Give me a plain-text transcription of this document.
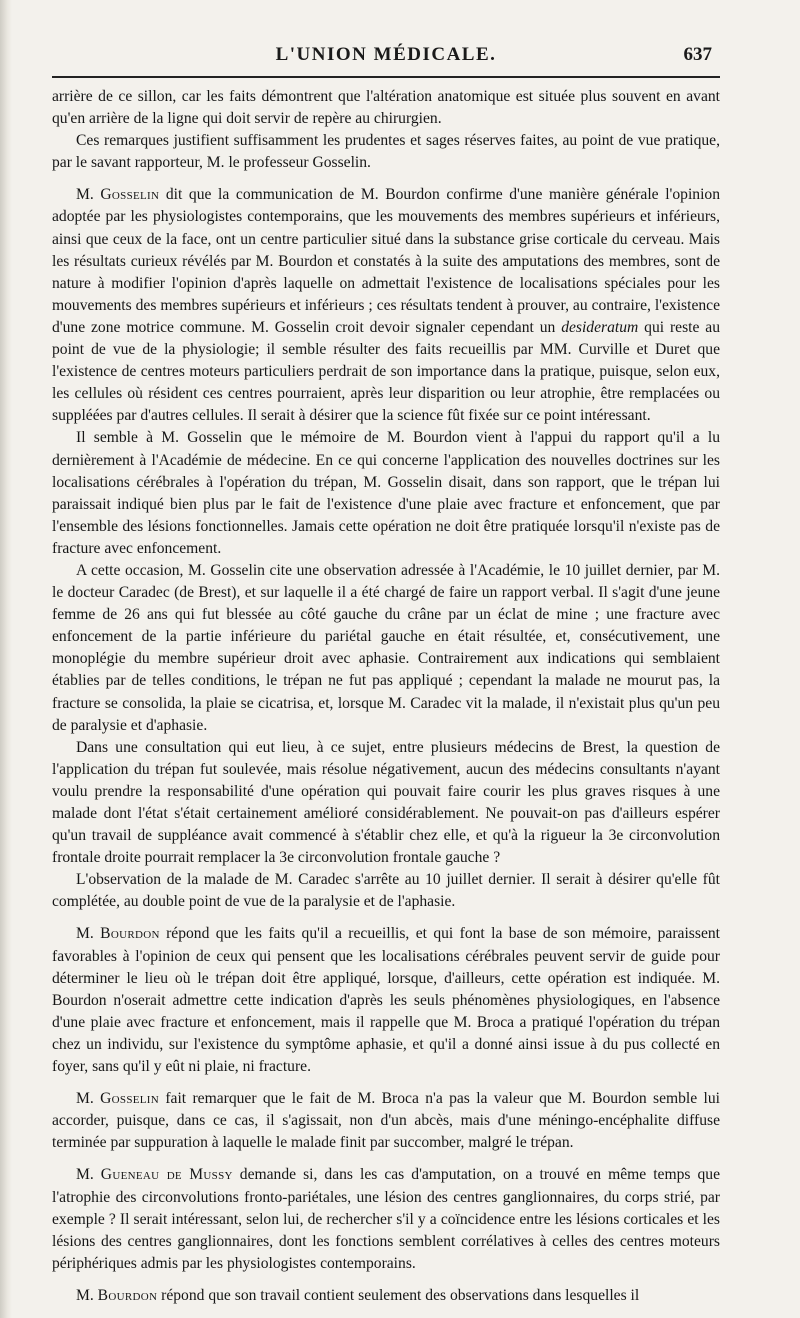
L'UNION MÉDICALE.	637

arrière de ce sillon, car les faits démontrent que l'altération anatomique est située plus souvent en avant qu'en arrière de la ligne qui doit servir de repère au chirurgien.

Ces remarques justifient suffisamment les prudentes et sages réserves faites, au point de vue pratique, par le savant rapporteur, M. le professeur Gosselin.

M. Gosselin dit que la communication de M. Bourdon confirme d'une manière générale l'opinion adoptée par les physiologistes contemporains, que les mouvements des membres supérieurs et inférieurs, ainsi que ceux de la face, ont un centre particulier situé dans la substance grise corticale du cerveau. Mais les résultats curieux révélés par M. Bourdon et constatés à la suite des amputations des membres, sont de nature à modifier l'opinion d'après laquelle on admettait l'existence de localisations spéciales pour les mouvements des membres supérieurs et inférieurs ; ces résultats tendent à prouver, au contraire, l'existence d'une zone motrice commune. M. Gosselin croit devoir signaler cependant un desideratum qui reste au point de vue de la physiologie; il semble résulter des faits recueillis par MM. Curville et Duret que l'existence de centres moteurs particuliers perdrait de son importance dans la pratique, puisque, selon eux, les cellules où résident ces centres pourraient, après leur disparition ou leur atrophie, être remplacées ou suppléées par d'autres cellules. Il serait à désirer que la science fût fixée sur ce point intéressant.

Il semble à M. Gosselin que le mémoire de M. Bourdon vient à l'appui du rapport qu'il a lu dernièrement à l'Académie de médecine. En ce qui concerne l'application des nouvelles doctrines sur les localisations cérébrales à l'opération du trépan, M. Gosselin disait, dans son rapport, que le trépan lui paraissait indiqué bien plus par le fait de l'existence d'une plaie avec fracture et enfoncement, que par l'ensemble des lésions fonctionnelles. Jamais cette opération ne doit être pratiquée lorsqu'il n'existe pas de fracture avec enfoncement.

A cette occasion, M. Gosselin cite une observation adressée à l'Académie, le 10 juillet dernier, par M. le docteur Caradec (de Brest), et sur laquelle il a été chargé de faire un rapport verbal. Il s'agit d'une jeune femme de 26 ans qui fut blessée au côté gauche du crâne par un éclat de mine ; une fracture avec enfoncement de la partie inférieure du pariétal gauche en était résultée, et, consécutivement, une monoplégie du membre supérieur droit avec aphasie. Contrairement aux indications qui semblaient établies par de telles conditions, le trépan ne fut pas appliqué ; cependant la malade ne mourut pas, la fracture se consolida, la plaie se cicatrisa, et, lorsque M. Caradec vit la malade, il n'existait plus qu'un peu de paralysie et d'aphasie.

Dans une consultation qui eut lieu, à ce sujet, entre plusieurs médecins de Brest, la question de l'application du trépan fut soulevée, mais résolue négativement, aucun des médecins consultants n'ayant voulu prendre la responsabilité d'une opération qui pouvait faire courir les plus graves risques à une malade dont l'état s'était certainement amélioré considérablement. Ne pouvait-on pas d'ailleurs espérer qu'un travail de suppléance avait commencé à s'établir chez elle, et qu'à la rigueur la 3e circonvolution frontale droite pourrait remplacer la 3e circonvolution frontale gauche ?

L'observation de la malade de M. Caradec s'arrête au 10 juillet dernier. Il serait à désirer qu'elle fût complétée, au double point de vue de la paralysie et de l'aphasie.

M. Bourdon répond que les faits qu'il a recueillis, et qui font la base de son mémoire, paraissent favorables à l'opinion de ceux qui pensent que les localisations cérébrales peuvent servir de guide pour déterminer le lieu où le trépan doit être appliqué, lorsque, d'ailleurs, cette opération est indiquée. M. Bourdon n'oserait admettre cette indication d'après les seuls phénomènes physiologiques, en l'absence d'une plaie avec fracture et enfoncement, mais il rappelle que M. Broca a pratiqué l'opération du trépan chez un individu, sur l'existence du symptôme aphasie, et qu'il a donné ainsi issue à du pus collecté en foyer, sans qu'il y eût ni plaie, ni fracture.

M. Gosselin fait remarquer que le fait de M. Broca n'a pas la valeur que M. Bourdon semble lui accorder, puisque, dans ce cas, il s'agissait, non d'un abcès, mais d'une méningo-encéphalite diffuse terminée par suppuration à laquelle le malade finit par succomber, malgré le trépan.

M. Gueneau de Mussy demande si, dans les cas d'amputation, on a trouvé en même temps que l'atrophie des circonvolutions fronto-pariétales, une lésion des centres ganglionnaires, du corps strié, par exemple ? Il serait intéressant, selon lui, de rechercher s'il y a coïncidence entre les lésions corticales et les lésions des centres ganglionnaires, dont les fonctions semblent corrélatives à celles des centres moteurs périphériques admis par les physiologistes contemporains.

M. Bourdon répond que son travail contient seulement des observations dans lesquelles il
